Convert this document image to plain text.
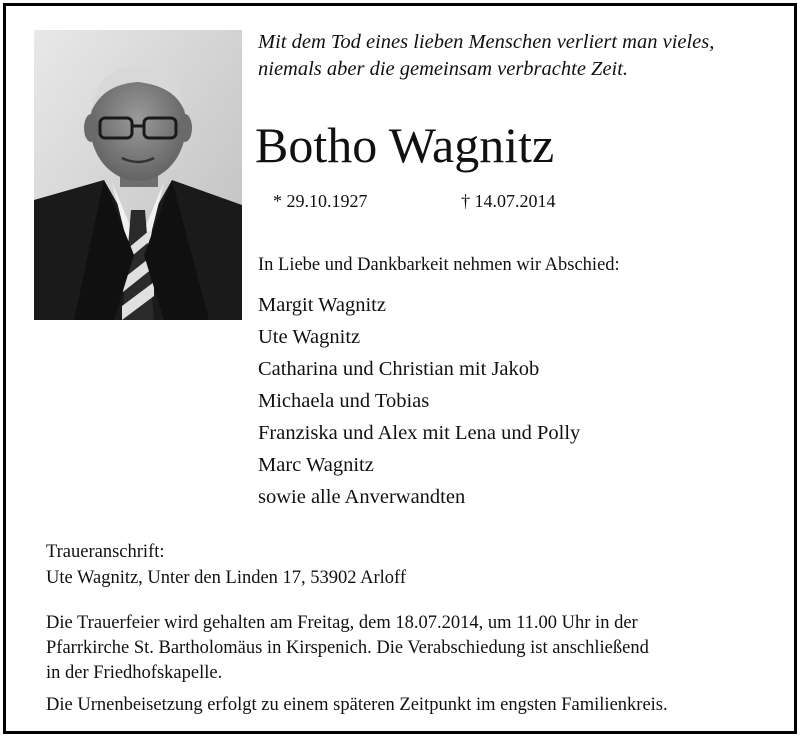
Mit dem Tod eines lieben Menschen verliert man vieles,
niemals aber die gemeinsam verbrachte Zeit.
Botho Wagnitz
* 29.10.1927	† 14.07.2014
In Liebe und Dankbarkeit nehmen wir Abschied:
Margit Wagnitz
Ute Wagnitz
Catharina und Christian mit Jakob
Michaela und Tobias
Franziska und Alex mit Lena und Polly
Marc Wagnitz
sowie alle Anverwandten
Traueranschrift:
Ute Wagnitz, Unter den Linden 17, 53902 Arloff
Die Trauerfeier wird gehalten am Freitag, dem 18.07.2014, um 11.00 Uhr in der
Pfarrkirche St. Bartholomäus in Kirspenich. Die Verabschiedung ist anschließend
in der Friedhofskapelle.
Die Urnenbeisetzung erfolgt zu einem späteren Zeitpunkt im engsten Familienkreis.
